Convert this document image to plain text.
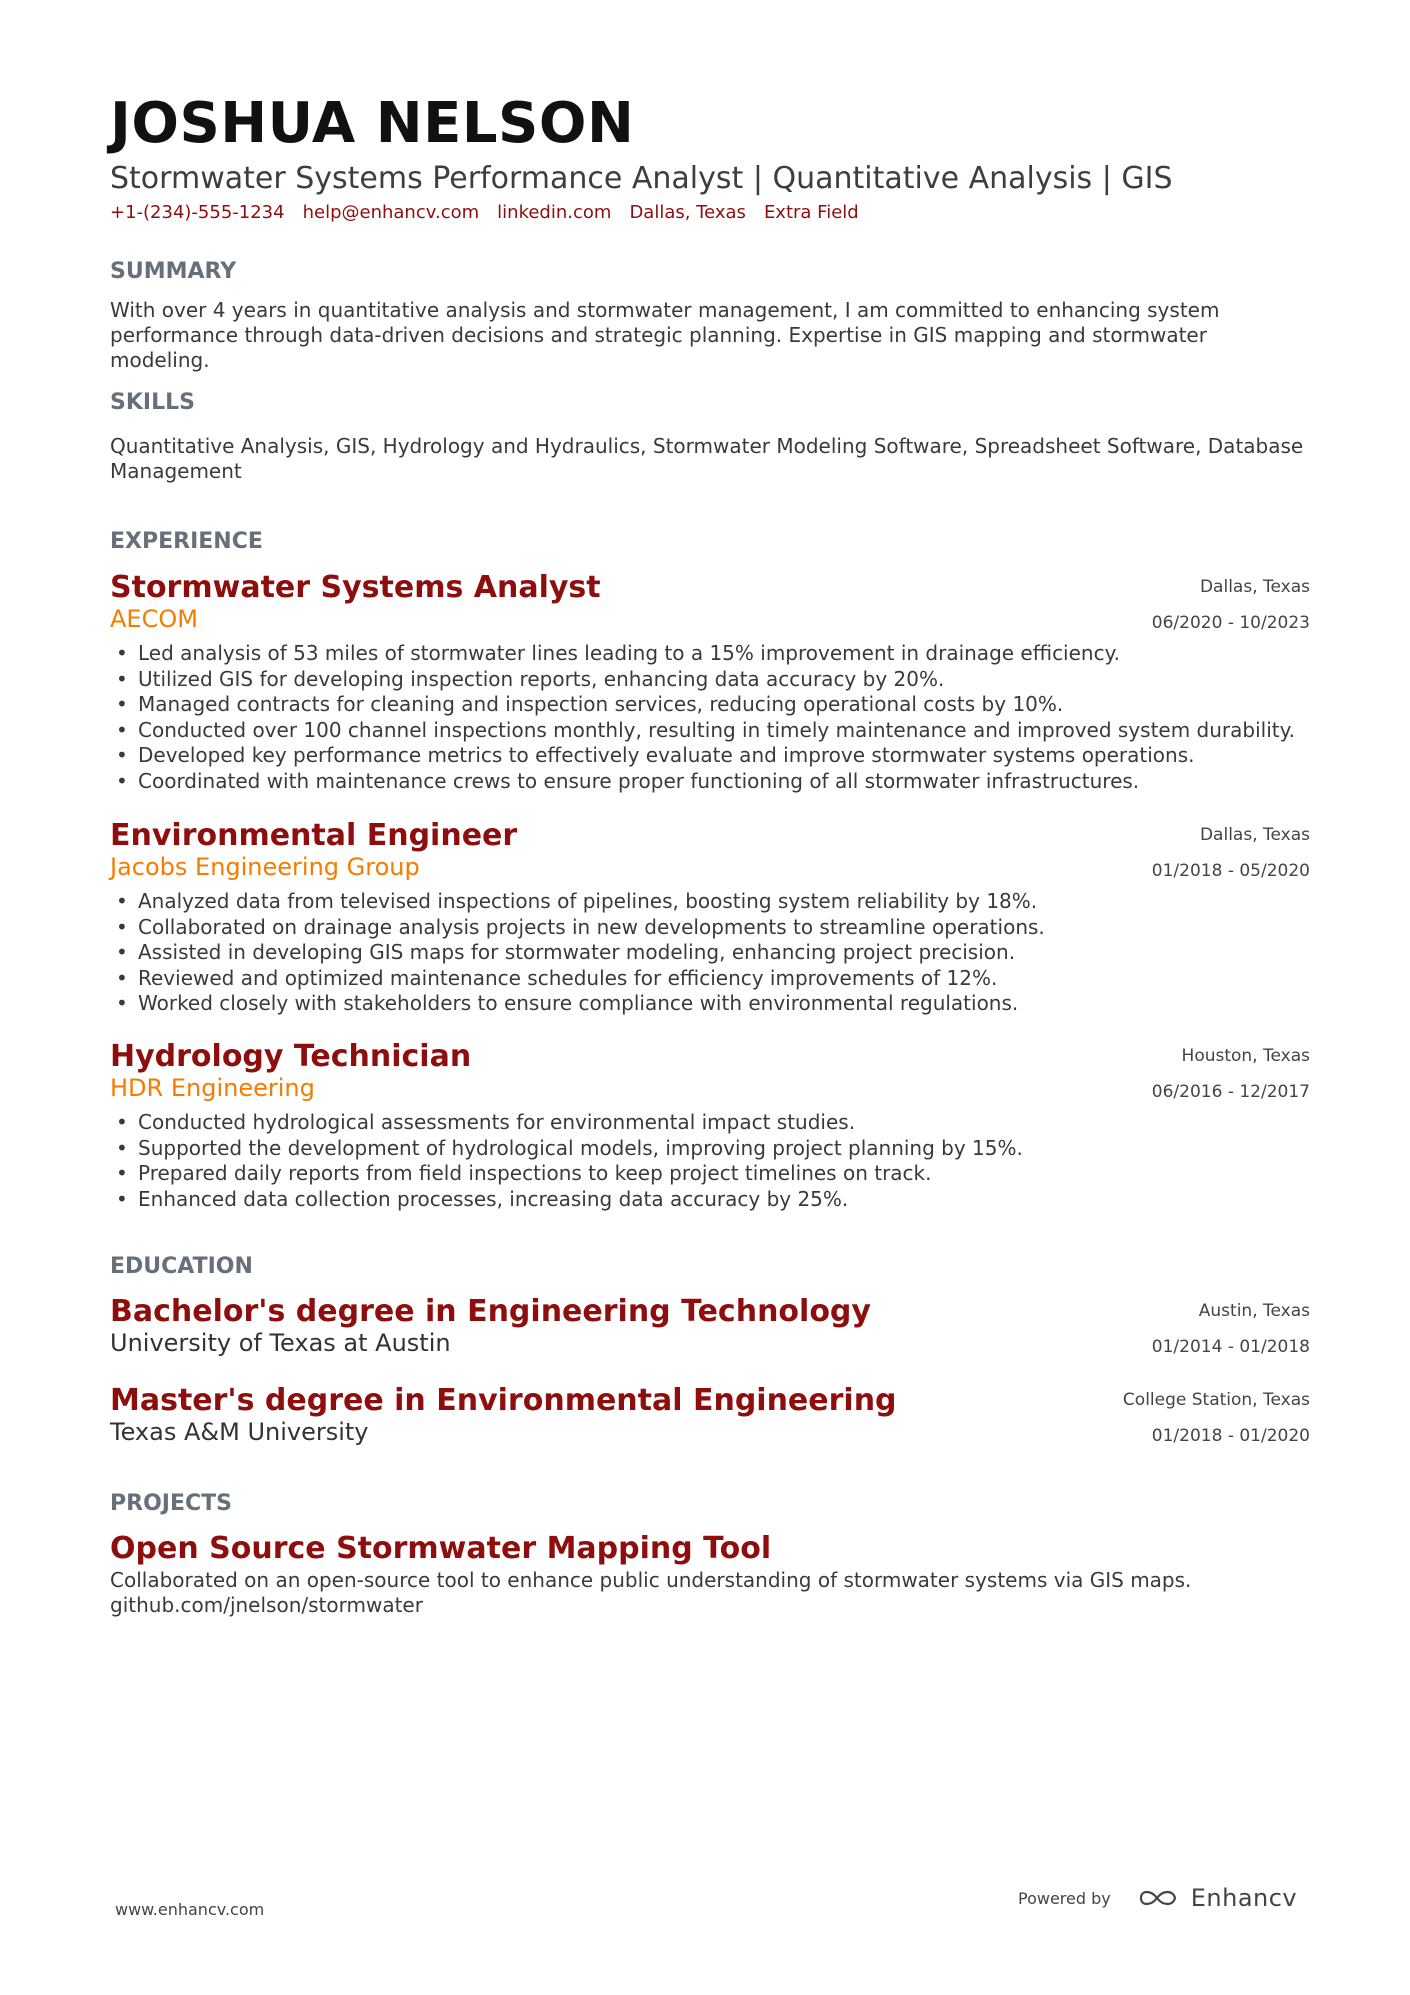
JOSHUA NELSON
Stormwater Systems Performance Analyst | Quantitative Analysis | GIS
+1-(234)-555-1234 help@enhancv.com linkedin.com Dallas, Texas Extra Field
SUMMARY
With over 4 years in quantitative analysis and stormwater management, I am committed to enhancing system
performance through data-driven decisions and strategic planning. Expertise in GIS mapping and stormwater modeling.
SKILLS
Quantitative Analysis, GIS, Hydrology and Hydraulics, Stormwater Modeling Software, Spreadsheet Software, Database
Management
EXPERIENCE
Stormwater Systems Analyst
AECOM
Dallas, Texas
06/2020 - 10/2023
• Led analysis of 53 miles of stormwater lines leading to a 15% improvement in drainage efficiency.
• Utilized GIS for developing inspection reports, enhancing data accuracy by 20%.
• Managed contracts for cleaning and inspection services, reducing operational costs by 10%.
• Conducted over 100 channel inspections monthly, resulting in timely maintenance and improved system durability.
• Developed key performance metrics to effectively evaluate and improve stormwater systems operations.
• Coordinated with maintenance crews to ensure proper functioning of all stormwater infrastructures.
Environmental Engineer
Jacobs Engineering Group
Dallas, Texas
01/2018 - 05/2020
• Analyzed data from televised inspections of pipelines, boosting system reliability by 18%.
• Collaborated on drainage analysis projects in new developments to streamline operations.
• Assisted in developing GIS maps for stormwater modeling, enhancing project precision.
• Reviewed and optimized maintenance schedules for efficiency improvements of 12%.
• Worked closely with stakeholders to ensure compliance with environmental regulations.
Hydrology Technician
HDR Engineering
Houston, Texas
06/2016 - 12/2017
• Conducted hydrological assessments for environmental impact studies.
• Supported the development of hydrological models, improving project planning by 15%.
• Prepared daily reports from field inspections to keep project timelines on track.
• Enhanced data collection processes, increasing data accuracy by 25%.
EDUCATION
Bachelor's degree in Engineering Technology
University of Texas at Austin
Austin, Texas
01/2014 - 01/2018
Master's degree in Environmental Engineering
Texas A&M University
College Station, Texas
01/2018 - 01/2020
PROJECTS
Open Source Stormwater Mapping Tool
Collaborated on an open-source tool to enhance public understanding of stormwater systems via GIS maps.
github.com/jnelson/stormwater
www.enhancv.com
Powered by	Enhancv
